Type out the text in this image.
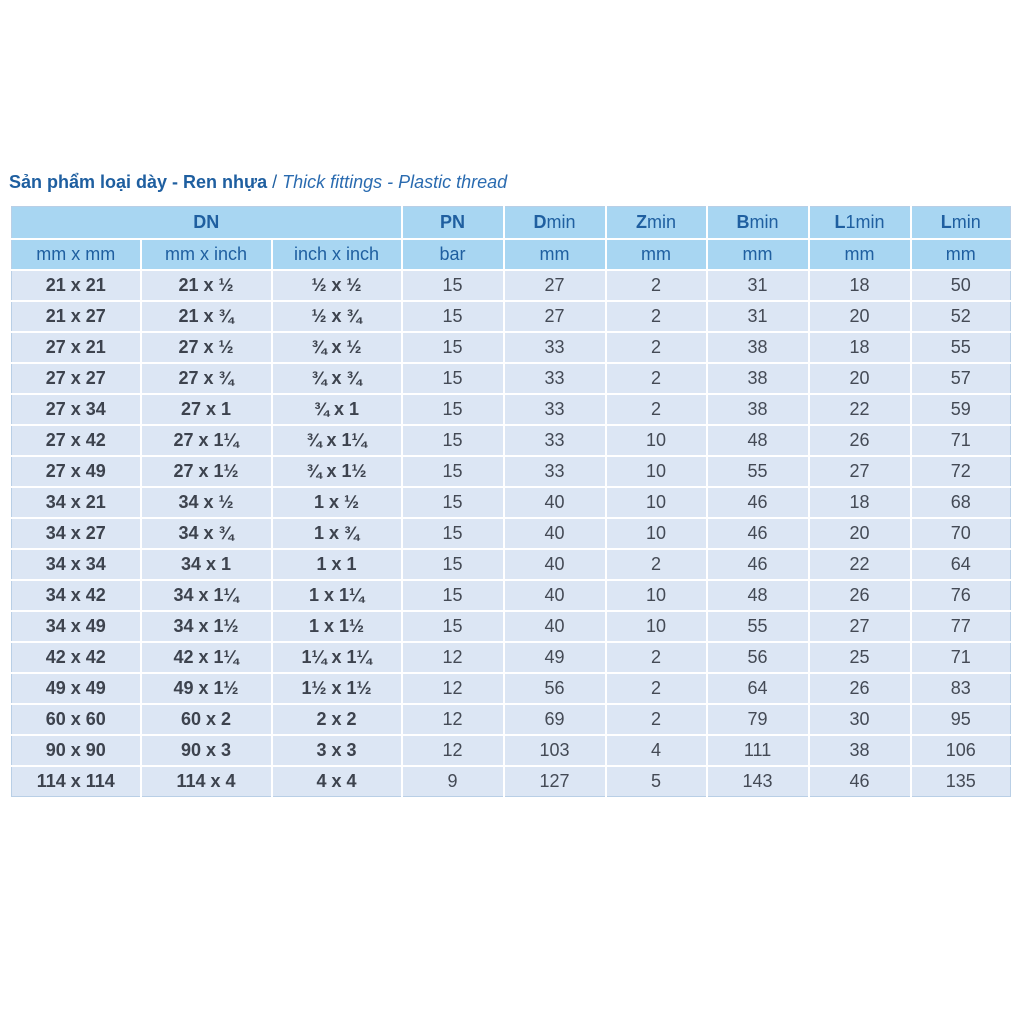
Sản phẩm loại dày - Ren nhựa / Thick fittings - Plastic thread
DN			PN	Dmin	Zmin	Bmin	L1min	Lmin
mm x mm	mm x inch	inch x inch	bar	mm	mm	mm	mm	mm
21 x 21	21 x ½	½ x ½	15	27	2	31	18	50
21 x 27	21 x ¾	½ x ¾	15	27	2	31	20	52
27 x 21	27 x ½	¾ x ½	15	33	2	38	18	55
27 x 27	27 x ¾	¾ x ¾	15	33	2	38	20	57
27 x 34	27 x 1	¾ x 1	15	33	2	38	22	59
27 x 42	27 x 1¼	¾ x 1¼	15	33	10	48	26	71
27 x 49	27 x 1½	¾ x 1½	15	33	10	55	27	72
34 x 21	34 x ½	1 x ½	15	40	10	46	18	68
34 x 27	34 x ¾	1 x ¾	15	40	10	46	20	70
34 x 34	34 x 1	1 x 1	15	40	2	46	22	64
34 x 42	34 x 1¼	1 x 1¼	15	40	10	48	26	76
34 x 49	34 x 1½	1 x 1½	15	40	10	55	27	77
42 x 42	42 x 1¼	1¼ x 1¼	12	49	2	56	25	71
49 x 49	49 x 1½	1½ x 1½	12	56	2	64	26	83
60 x 60	60 x 2	2 x 2	12	69	2	79	30	95
90 x 90	90 x 3	3 x 3	12	103	4	111	38	106
114 x 114	114 x 4	4 x 4	9	127	5	143	46	135
